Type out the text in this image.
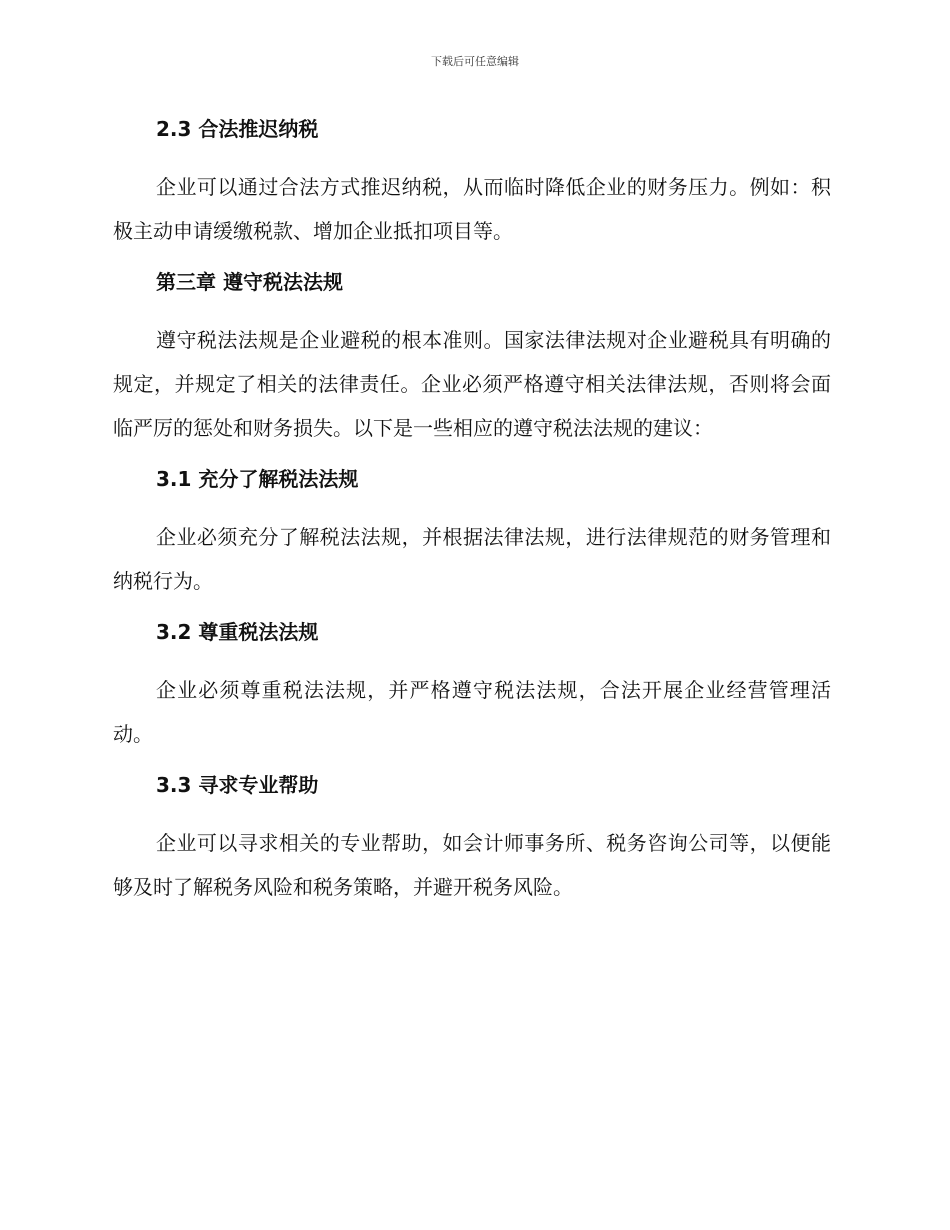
下载后可任意编辑

2.3 合法推迟纳税

企业可以通过合法方式推迟纳税，从而临时降低企业的财务压力。例如：积极主动申请缓缴税款、增加企业抵扣项目等。

第三章 遵守税法法规

遵守税法法规是企业避税的根本准则。国家法律法规对企业避税具有明确的规定，并规定了相关的法律责任。企业必须严格遵守相关法律法规，否则将会面临严厉的惩处和财务损失。以下是一些相应的遵守税法法规的建议：

3.1 充分了解税法法规

企业必须充分了解税法法规，并根据法律法规，进行法律规范的财务管理和纳税行为。

3.2 尊重税法法规

企业必须尊重税法法规，并严格遵守税法法规，合法开展企业经营管理活动。

3.3 寻求专业帮助

企业可以寻求相关的专业帮助，如会计师事务所、税务咨询公司等，以便能够及时了解税务风险和税务策略，并避开税务风险。
